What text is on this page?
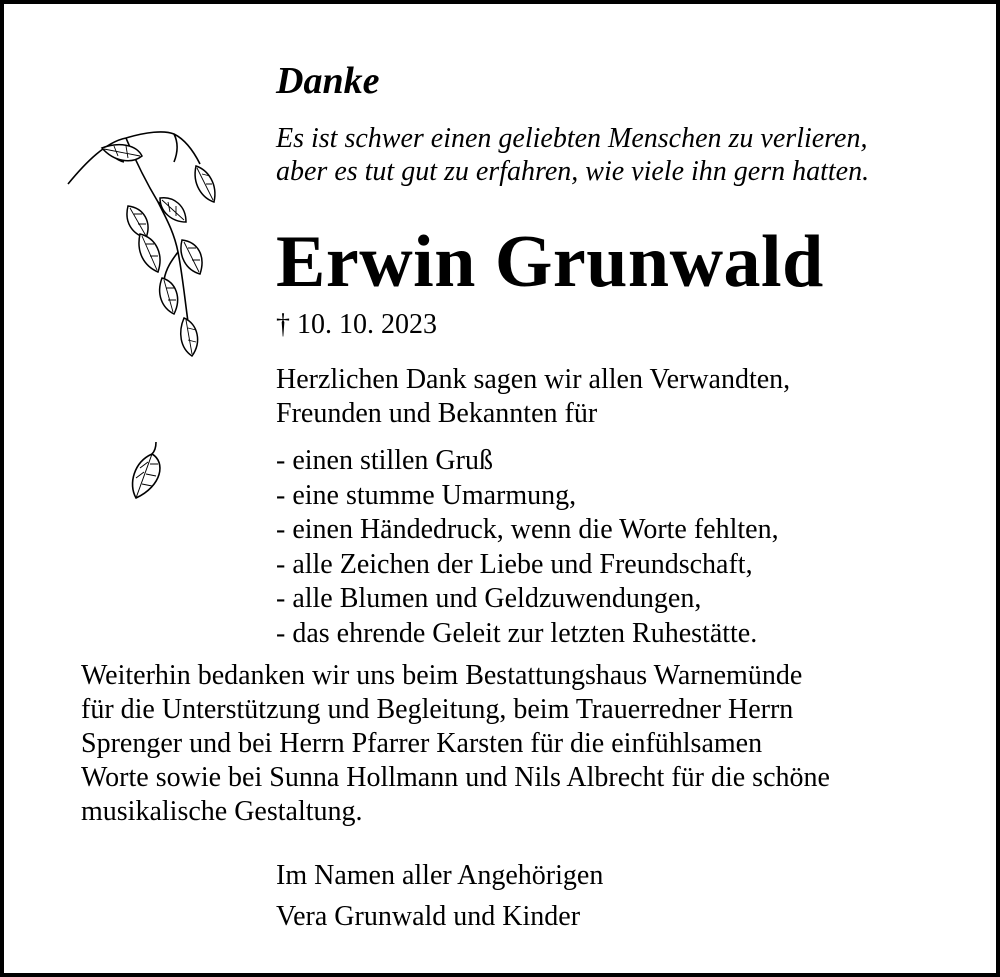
Danke
Es ist schwer einen geliebten Menschen zu verlieren,
aber es tut gut zu erfahren, wie viele ihn gern hatten.
Erwin Grunwald
† 10. 10. 2023
Herzlichen Dank sagen wir allen Verwandten,
Freunden und Bekannten für
- einen stillen Gruß
- eine stumme Umarmung,
- einen Händedruck, wenn die Worte fehlten,
- alle Zeichen der Liebe und Freundschaft,
- alle Blumen und Geldzuwendungen,
- das ehrende Geleit zur letzten Ruhestätte.
Weiterhin bedanken wir uns beim Bestattungshaus Warnemünde
für die Unterstützung und Begleitung, beim Trauerredner Herrn
Sprenger und bei Herrn Pfarrer Karsten für die einfühlsamen
Worte sowie bei Sunna Hollmann und Nils Albrecht für die schöne
musikalische Gestaltung.
Im Namen aller Angehörigen
Vera Grunwald und Kinder
